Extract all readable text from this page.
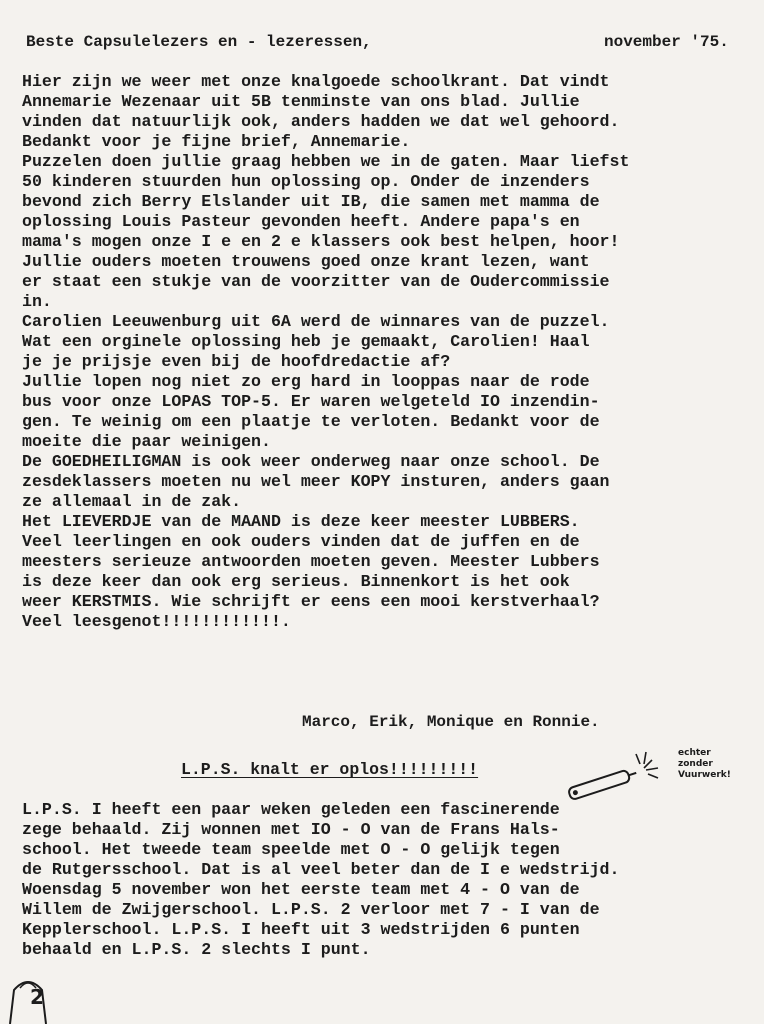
Beste Capsulelezers en - lezeressen,	november '75.
Hier zijn we weer met onze knalgoede schoolkrant. Dat vindt
Annemarie Wezenaar uit 5B tenminste van ons blad. Jullie
vinden dat natuurlijk ook, anders hadden we dat wel gehoord.
Bedankt voor je fijne brief, Annemarie.
Puzzelen doen jullie graag hebben we in de gaten. Maar liefst
50 kinderen stuurden hun oplossing op. Onder de inzenders
bevond zich Berry Elslander uit IB, die samen met mamma de
oplossing Louis Pasteur gevonden heeft. Andere papa's en
mama's mogen onze I e en 2 e klassers ook best helpen, hoor!
Jullie ouders moeten trouwens goed onze krant lezen, want
er staat een stukje van de voorzitter van de Oudercommissie
in.
Carolien Leeuwenburg uit 6A werd de winnares van de puzzel.
Wat een orginele oplossing heb je gemaakt, Carolien! Haal
je je prijsje even bij de hoofdredactie af?
Jullie lopen nog niet zo erg hard in looppas naar de rode
bus voor onze LOPAS TOP-5. Er waren welgeteld IO inzendin-
gen. Te weinig om een plaatje te verloten. Bedankt voor de
moeite die paar weinigen.
De GOEDHEILIGMAN is ook weer onderweg naar onze school. De
zesdeklassers moeten nu wel meer KOPY insturen, anders gaan
ze allemaal in de zak.
Het LIEVERDJE van de MAAND is deze keer meester LUBBERS.
Veel leerlingen en ook ouders vinden dat de juffen en de
meesters serieuze antwoorden moeten geven. Meester Lubbers
is deze keer dan ook erg serieus. Binnenkort is het ook
weer KERSTMIS. Wie schrijft er eens een mooi kerstverhaal?
Veel leesgenot!!!!!!!!!!!!.
Marco, Erik, Monique en Ronnie.
L.P.S. knalt er oplos!!!!!!!!!
echter
zonder
Vuurwerk!
L.P.S. I heeft een paar weken geleden een fascinerende
zege behaald. Zij wonnen met IO - O van de Frans Hals-
school. Het tweede team speelde met O - O gelijk tegen
de Rutgersschool. Dat is al veel beter dan de I e wedstrijd.
Woensdag 5 november won het eerste team met 4 - O van de
Willem de Zwijgerschool. L.P.S. 2 verloor met 7 - I van de
Kepplerschool. L.P.S. I heeft uit 3 wedstrijden 6 punten
behaald en L.P.S. 2 slechts I punt.
2
